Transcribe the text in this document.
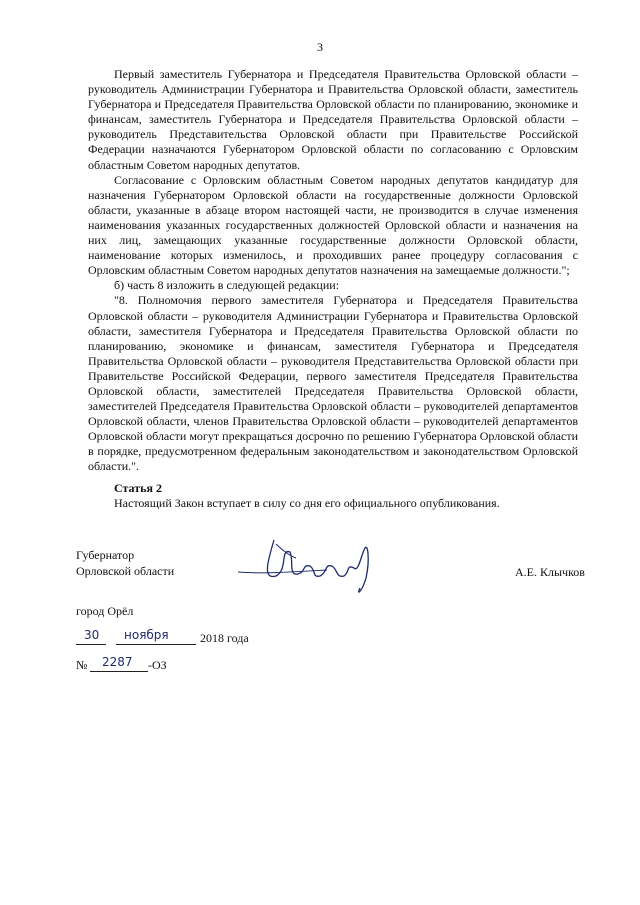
3

Первый заместитель Губернатора и Председателя Правительства Орловской области – руководитель Администрации Губернатора и Правительства Орловской области, заместитель Губернатора и Председателя Правительства Орловской области по планированию, экономике и финансам, заместитель Губернатора и Председателя Правительства Орловской области – руководитель Представительства Орловской области при Правительстве Российской Федерации назначаются Губернатором Орловской области по согласованию с Орловским областным Советом народных депутатов.

Согласование с Орловским областным Советом народных депутатов кандидатур для назначения Губернатором Орловской области на государственные должности Орловской области, указанные в абзаце втором настоящей части, не производится в случае изменения наименования указанных государственных должностей Орловской области и назначения на них лиц, замещающих указанные государственные должности Орловской области, наименование которых изменилось, и проходивших ранее процедуру согласования с Орловским областным Советом народных депутатов назначения на замещаемые должности.";

б) часть 8 изложить в следующей редакции:

"8. Полномочия первого заместителя Губернатора и Председателя Правительства Орловской области – руководителя Администрации Губернатора и Правительства Орловской области, заместителя Губернатора и Председателя Правительства Орловской области по планированию, экономике и финансам, заместителя Губернатора и Председателя Правительства Орловской области – руководителя Представительства Орловской области при Правительстве Российской Федерации, первого заместителя Председателя Правительства Орловской области, заместителей Председателя Правительства Орловской области, заместителей Председателя Правительства Орловской области – руководителей департаментов Орловской области, членов Правительства Орловской области – руководителей департаментов Орловской области могут прекращаться досрочно по решению Губернатора Орловской области в порядке, предусмотренном федеральным законодательством и законодательством Орловской области.".

Статья 2
Настоящий Закон вступает в силу со дня его официального опубликования.
Губернатор
Орловской области	А.Е. Клычков
город Орёл
30 ноября	2018 года
№ 2287 -ОЗ
